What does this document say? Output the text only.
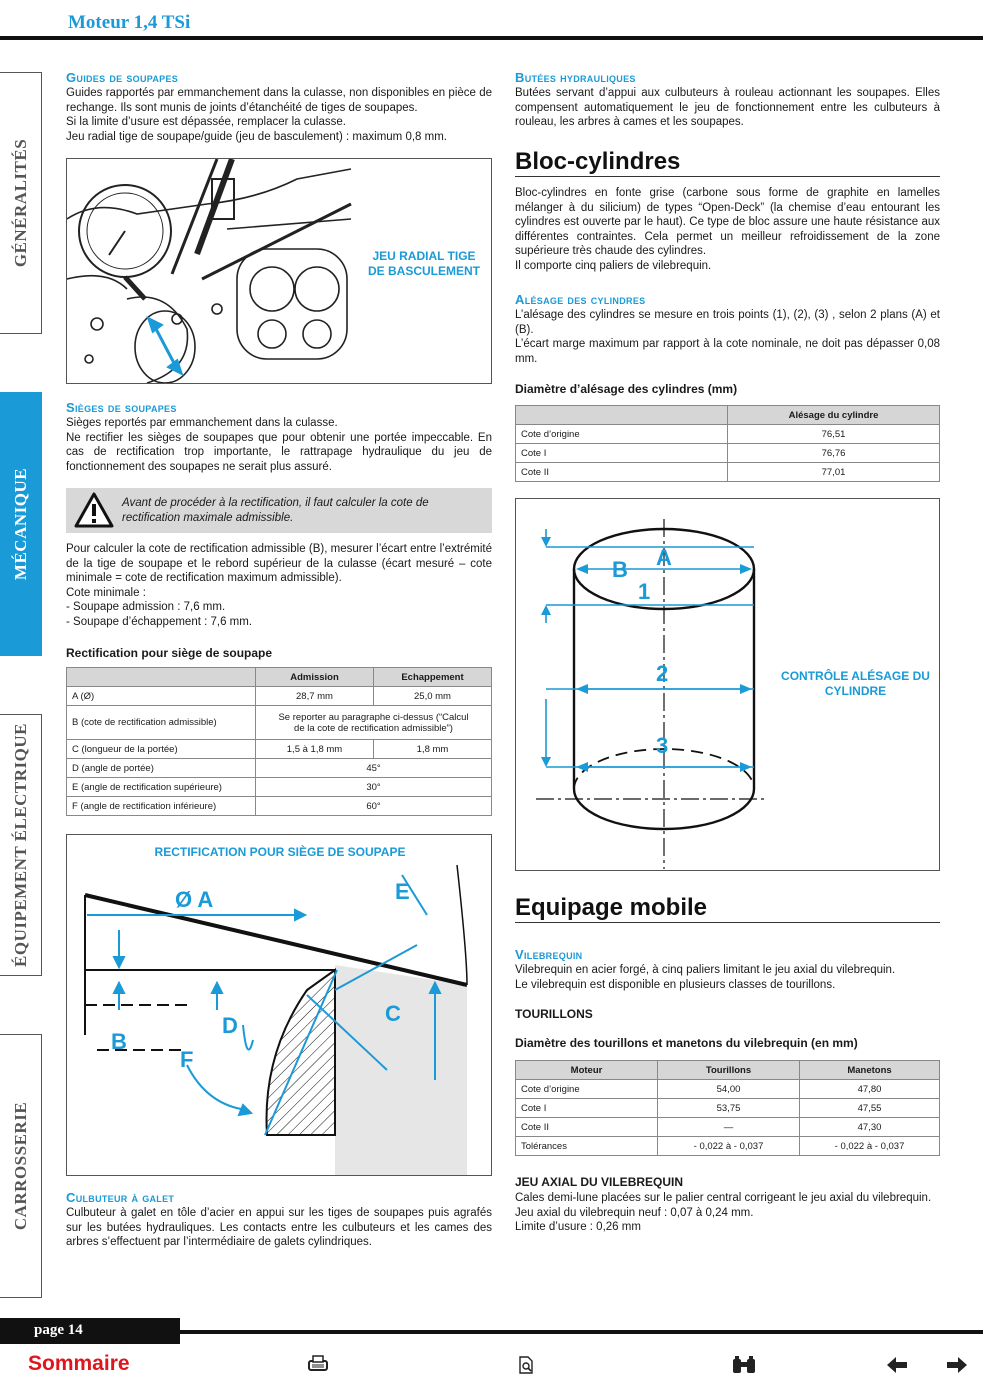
Moteur 1,4 TSi
GÉNÉRALITÉS
MÉCANIQUE
ÉQUIPEMENT ÉLECTRIQUE
CARROSSERIE
Guides de soupapes

Guides rapportés par emmanchement dans la culasse, non disponibles en pièce de rechange. Ils sont munis de joints d’étanchéité de tiges de soupapes.

Si la limite d’usure est dépassée, remplacer la culasse.

Jeu radial tige de soupape/guide (jeu de basculement) : maximum 0,8 mm.

JEU RADIAL TIGE DE BASCULEMENT
Sièges de soupapes

Sièges reportés par emmanchement dans la culasse.

Ne rectifier les sièges de soupapes que pour obtenir une portée impeccable. En cas de rectification trop importante, le rattrapage hydraulique du jeu de fonctionnement des soupapes ne serait plus assuré.

Avant de procéder à la rectification, il faut calculer la cote de rectification maximale admissible.

Pour calculer la cote de rectification admissible (B), mesurer l’écart entre l’extrémité de la tige de soupape et le rebord supérieur de la culasse (écart mesuré – cote minimale = cote de rectification maximum admissible).

Cote minimale :

- Soupape admission : 7,6 mm.

- Soupape d’échappement : 7,6 mm.

Rectification pour siège de soupape
	Admission	Echappement
A (Ø)	28,7 mm	25,0 mm
B (cote de rectification admissible)	Se reporter au paragraphe ci-dessus (“Calcul de la cote de rectification admissible”)	
C (longueur de la portée)	1,5 à 1,8 mm	1,8 mm
D (angle de portée)	45°	
E (angle de rectification supérieure)	30°	
F (angle de rectification inférieure)	60°	
RECTIFICATION POUR SIÈGE DE SOUPAPE
Ø A
B
C
D
E
F
Culbuteur à galet
Culbuteur à galet en tôle d’acier en appui sur les tiges de soupapes puis agrafés sur les butées hydrauliques. Les contacts entre les culbuteurs et les cames des arbres s’effectuent par l’intermédiaire de galets cylindriques.
Butées hydrauliques
Butées servant d’appui aux culbuteurs à rouleau actionnant les soupapes. Elles compensent automatiquement le jeu de fonctionnement entre les culbuteurs à rouleau, les arbres à cames et les soupapes.
Bloc-cylindres

Bloc-cylindres en fonte grise (carbone sous forme de graphite en lamelles mélanger à du silicium) de types “Open-Deck” (la chemise d’eau entourant les cylindres est ouverte par le haut). Ce type de bloc assure une haute résistance aux différentes contraintes. Cela permet un meilleur refroidissement de la zone supérieure très chaude des cylindres.

Il comporte cinq paliers de vilebrequin.

Alésage des cylindres

L’alésage des cylindres se mesure en trois points (1), (2), (3) , selon 2 plans (A) et (B).

L’écart marge maximum par rapport à la cote nominale, ne doit pas dépasser 0,08 mm.

Diamètre d’alésage des cylindres (mm)
	Alésage du cylindre
Cote d’origine	76,51
Cote I	76,76
Cote II	77,01
A
B
1
2
3
CONTRÔLE ALÉSAGE DU CYLINDRE
Equipage mobile
Vilebrequin

Vilebrequin en acier forgé, à cinq paliers limitant le jeu axial du vilebrequin.

Le vilebrequin est disponible en plusieurs classes de tourillons.

TOURILLONS
Diamètre des tourillons et manetons du vilebrequin (en mm)
Moteur	Tourillons	Manetons
Cote d’origine	54,00	47,80
Cote I	53,75	47,55
Cote II	—	47,30
Tolérances	- 0,022 à - 0,037	- 0,022 à - 0,037
JEU AXIAL DU VILEBREQUIN

Cales demi-lune placées sur le palier central corrigeant le jeu axial du vilebrequin.

Jeu axial du vilebrequin neuf : 0,07 à 0,24 mm.

Limite d’usure : 0,26 mm

page 14
Sommaire
